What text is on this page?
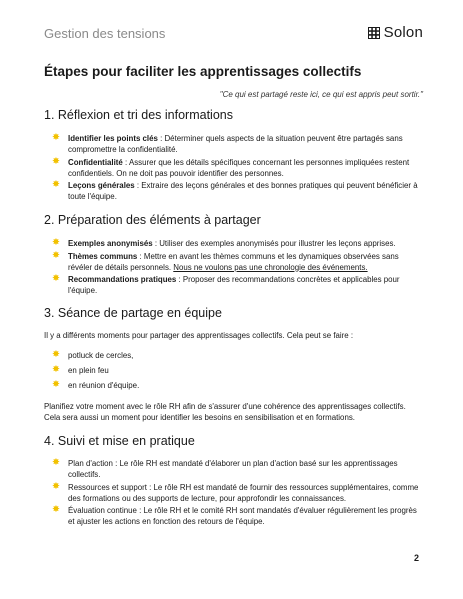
Gestion des tensions	Solon
Étapes pour faciliter les apprentissages collectifs
"Ce qui est partagé reste ici, ce qui est appris peut sortir."
1. Réflexion et tri des informations
✸ Identifier les points clés : Déterminer quels aspects de la situation peuvent être partagés sans compromettre la confidentialité.
✸ Confidentialité : Assurer que les détails spécifiques concernant les personnes impliquées restent confidentiels. On ne doit pas pouvoir identifier des personnes.
✸ Leçons générales : Extraire des leçons générales et des bonnes pratiques qui peuvent bénéficier à toute l'équipe.
2. Préparation des éléments à partager
✸ Exemples anonymisés : Utiliser des exemples anonymisés pour illustrer les leçons apprises.
✸ Thèmes communs : Mettre en avant les thèmes communs et les dynamiques observées sans révéler de détails personnels. Nous ne voulons pas une chronologie des événements.
✸ Recommandations pratiques : Proposer des recommandations concrètes et applicables pour l'équipe.
3. Séance de partage en équipe

Il y a différents moments pour partager des apprentissages collectifs. Cela peut se faire :

✸ potluck de cercles,
✸ en plein feu
✸ en réunion d'équipe.

Planifiez votre moment avec le rôle RH afin de s'assurer d'une cohérence des apprentissages collectifs. Cela sera aussi un moment pour identifier les besoins en sensibilisation et en formations.

4. Suivi et mise en pratique
✸ Plan d'action : Le rôle RH est mandaté d'élaborer un plan d'action basé sur les apprentissages collectifs.
✸ Ressources et support : Le rôle RH est mandaté de fournir des ressources supplémentaires, comme des formations ou des supports de lecture, pour approfondir les connaissances.
✸ Évaluation continue : Le rôle RH et le comité RH sont mandatés d'évaluer régulièrement les progrès et ajuster les actions en fonction des retours de l'équipe.
2
